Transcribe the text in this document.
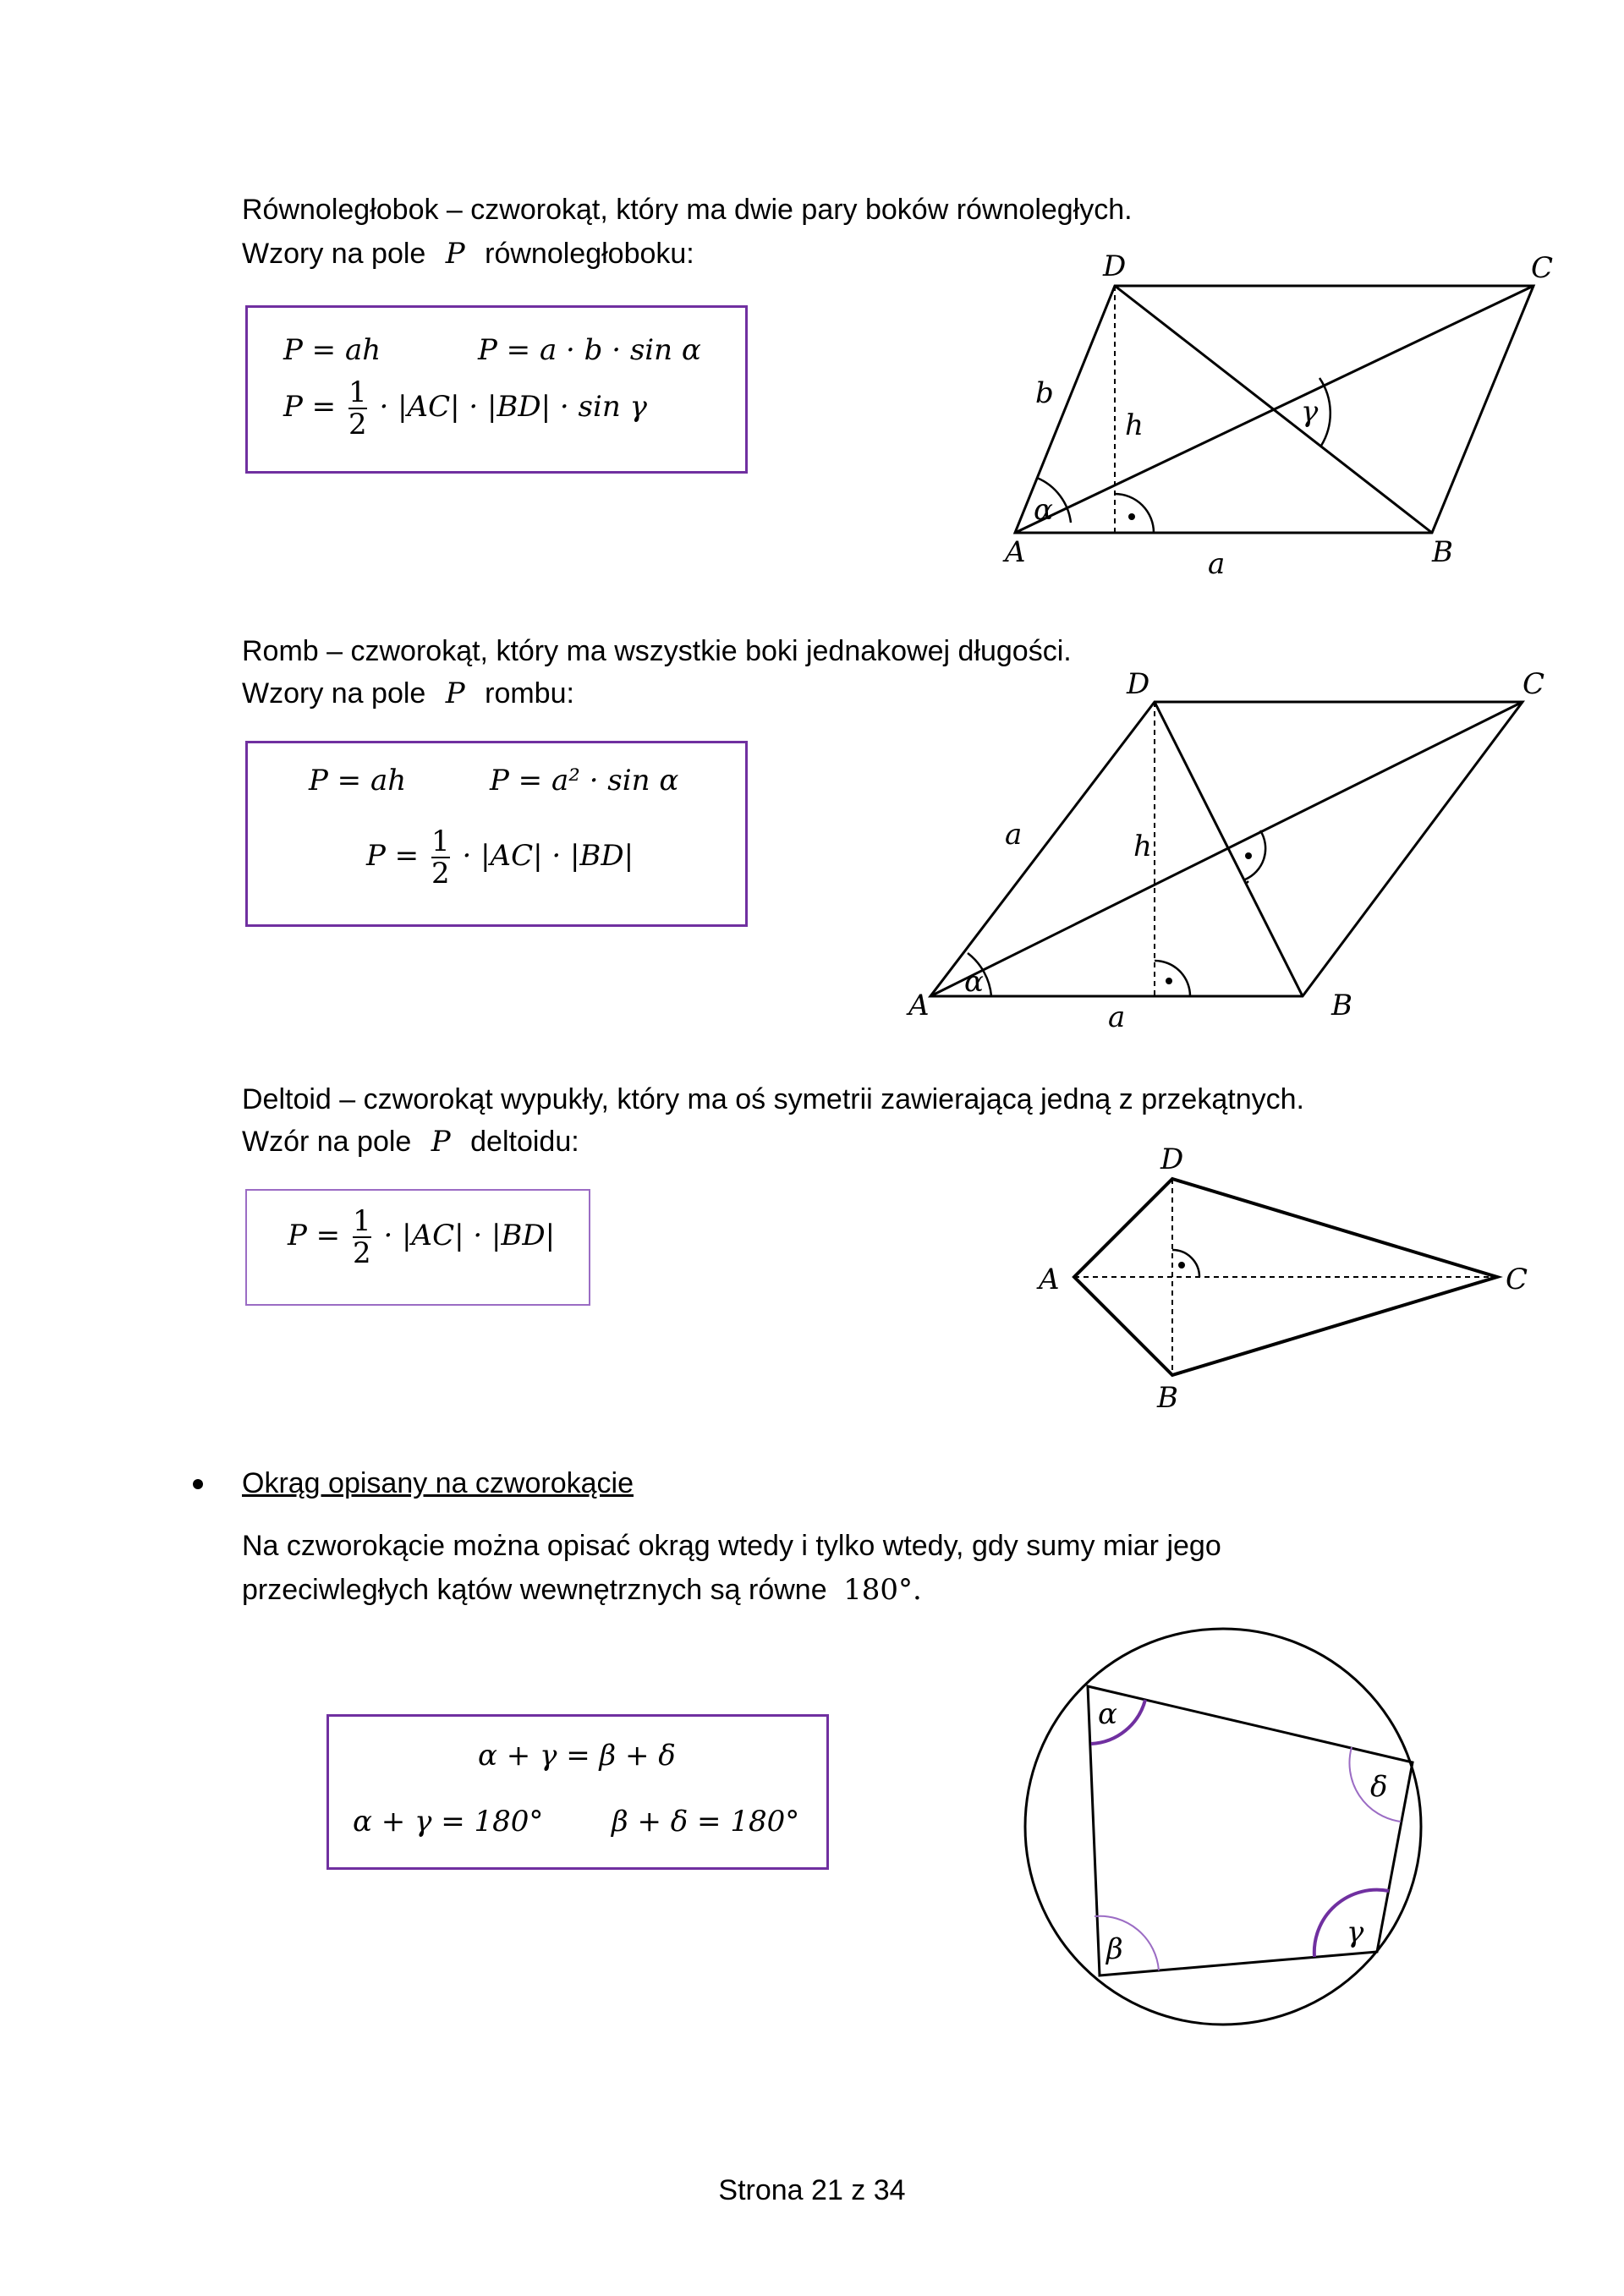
Równoległobok – czworokąt, który ma dwie pary boków równoległych.
Wzory na pole P równoległoboku:
P = ah	P = a · b · sin α
$P = \frac{1}{2} \cdot |AC| \cdot |BD| \cdot \sin \gamma$
A	B
C
D
a
b
h
α
γ
A	B
C
D
a
a
h
α
A
B
C
D
α
β	γ
δ
Romb – czworokąt, który ma wszystkie boki jednakowej długości.
Wzory na pole P rombu:
P = ah	P = a² · sin α
$P = \frac{1}{2} \cdot |AC| \cdot |BD|$
Deltoid – czworokąt wypukły, który ma oś symetrii zawierającą jedną z przekątnych.
Wzór na pole P deltoidu:
$P = \frac{1}{2} \cdot |AC| \cdot |BD|$
Okrąg opisany na czworokącie
Na czworokącie można opisać okrąg wtedy i tylko wtedy, gdy sumy miar jego
przeciwległych kątów wewnętrznych są równe 180°.
α + γ = β + δ
α + γ = 180° β + δ = 180°
Strona 21 z 34
